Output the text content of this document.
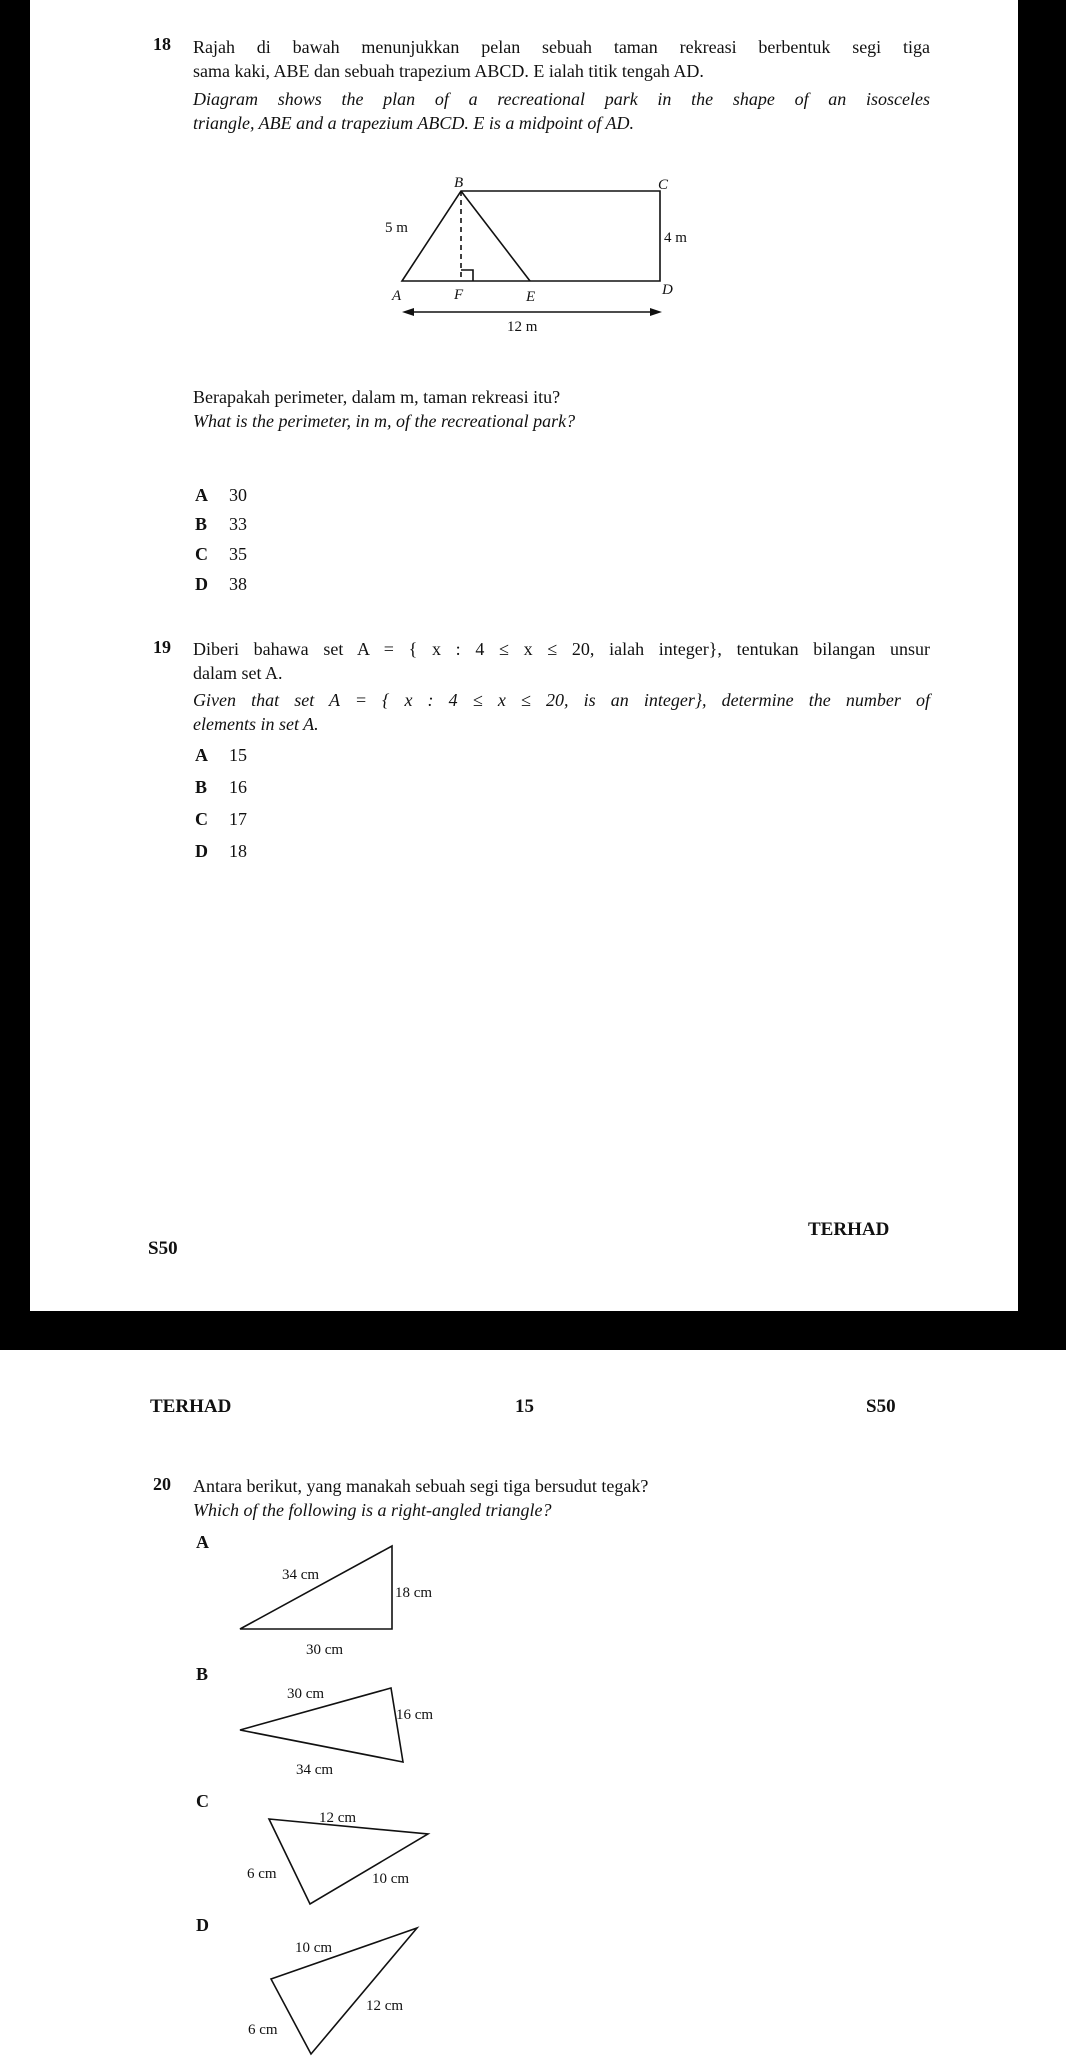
18 Rajah di bawah menunjukkan pelan sebuah taman rekreasi berbentuk segi tiga
sama kaki, ABE dan sebuah trapezium ABCD. E ialah titik tengah AD.
Diagram shows the plan of a recreational park in the shape of an isosceles
triangle, ABE and a trapezium ABCD. E is a midpoint of AD.
B	C
A	F	E	D
5 m
4 m
12 m
Berapakah perimeter, dalam m, taman rekreasi itu?
What is the perimeter, in m, of the recreational park?
A 30
B 33
C 35
D 38
19 Diberi bahawa set A = { x : 4 ≤ x ≤ 20, ialah integer}, tentukan bilangan unsur
dalam set A.
Given that set A = { x : 4 ≤ x ≤ 20, is an integer}, determine the number of
elements in set A.
A 15
B 16
C 17
D 18
TERHAD
S50
TERHAD	15	S50
20 Antara berikut, yang manakah sebuah segi tiga bersudut tegak?
Which of the following is a right-angled triangle?
A
B
C
D
34 cm
18 cm
30 cm
30 cm
16 cm
34 cm
12 cm
6 cm	10 cm
10 cm
12 cm
6 cm
